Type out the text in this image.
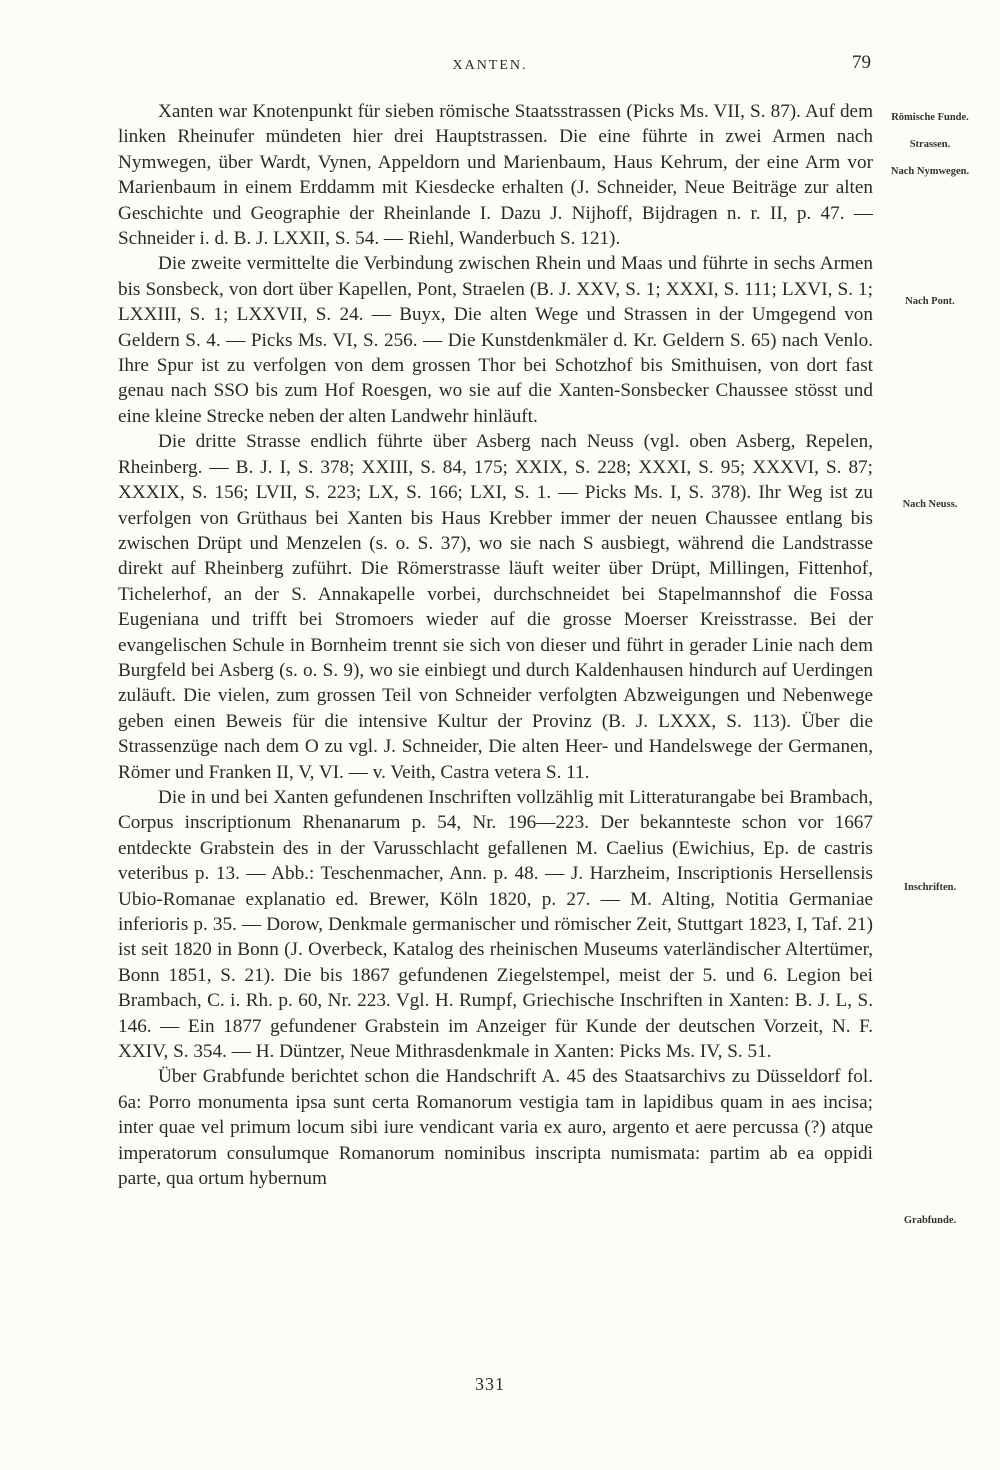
XANTEN.	79
Römische Funde.
Strassen.
Nach Nymwegen.
Nach Pont.
Nach Neuss.
Inschriften.
Grabfunde.

Xanten war Knotenpunkt für sieben römische Staatsstrassen (Picks Ms. VII, S. 87). Auf dem linken Rheinufer mündeten hier drei Hauptstrassen. Die eine führte in zwei Armen nach Nymwegen, über Wardt, Vynen, Appeldorn und Marienbaum, Haus Kehrum, der eine Arm vor Marienbaum in einem Erddamm mit Kiesdecke erhalten (J. Schneider, Neue Beiträge zur alten Geschichte und Geographie der Rheinlande I. Dazu J. Nijhoff, Bijdragen n. r. II, p. 47. — Schneider i. d. B. J. LXXII, S. 54. — Riehl, Wanderbuch S. 121).

Die zweite vermittelte die Verbindung zwischen Rhein und Maas und führte in sechs Armen bis Sonsbeck, von dort über Kapellen, Pont, Straelen (B. J. XXV, S. 1; XXXI, S. 111; LXVI, S. 1; LXXIII, S. 1; LXXVII, S. 24. — Buyx, Die alten Wege und Strassen in der Umgegend von Geldern S. 4. — Picks Ms. VI, S. 256. — Die Kunstdenkmäler d. Kr. Geldern S. 65) nach Venlo. Ihre Spur ist zu verfolgen von dem grossen Thor bei Schotzhof bis Smithuisen, von dort fast genau nach SSO bis zum Hof Roesgen, wo sie auf die Xanten-Sonsbecker Chaussee stösst und eine kleine Strecke neben der alten Landwehr hinläuft.

Die dritte Strasse endlich führte über Asberg nach Neuss (vgl. oben Asberg, Repelen, Rheinberg. — B. J. I, S. 378; XXIII, S. 84, 175; XXIX, S. 228; XXXI, S. 95; XXXVI, S. 87; XXXIX, S. 156; LVII, S. 223; LX, S. 166; LXI, S. 1. — Picks Ms. I, S. 378). Ihr Weg ist zu verfolgen von Grüthaus bei Xanten bis Haus Krebber immer der neuen Chaussee entlang bis zwischen Drüpt und Menzelen (s. o. S. 37), wo sie nach S ausbiegt, während die Landstrasse direkt auf Rheinberg zuführt. Die Römerstrasse läuft weiter über Drüpt, Millingen, Fittenhof, Tichelerhof, an der S. Annakapelle vorbei, durchschneidet bei Stapelmannshof die Fossa Eugeniana und trifft bei Stromoers wieder auf die grosse Moerser Kreisstrasse. Bei der evangelischen Schule in Bornheim trennt sie sich von dieser und führt in gerader Linie nach dem Burgfeld bei Asberg (s. o. S. 9), wo sie einbiegt und durch Kaldenhausen hindurch auf Uerdingen zuläuft. Die vielen, zum grossen Teil von Schneider verfolgten Abzweigungen und Nebenwege geben einen Beweis für die intensive Kultur der Provinz (B. J. LXXX, S. 113). Über die Strassenzüge nach dem O zu vgl. J. Schneider, Die alten Heer- und Handelswege der Germanen, Römer und Franken II, V, VI. — v. Veith, Castra vetera S. 11.

Die in und bei Xanten gefundenen Inschriften vollzählig mit Litteraturangabe bei Brambach, Corpus inscriptionum Rhenanarum p. 54, Nr. 196—223. Der bekannteste schon vor 1667 entdeckte Grabstein des in der Varusschlacht gefallenen M. Caelius (Ewichius, Ep. de castris veteribus p. 13. — Abb.: Teschenmacher, Ann. p. 48. — J. Harzheim, Inscriptionis Hersellensis Ubio-Romanae explanatio ed. Brewer, Köln 1820, p. 27. — M. Alting, Notitia Germaniae inferioris p. 35. — Dorow, Denkmale germanischer und römischer Zeit, Stuttgart 1823, I, Taf. 21) ist seit 1820 in Bonn (J. Overbeck, Katalog des rheinischen Museums vaterländischer Altertümer, Bonn 1851, S. 21). Die bis 1867 gefundenen Ziegelstempel, meist der 5. und 6. Legion bei Brambach, C. i. Rh. p. 60, Nr. 223. Vgl. H. Rumpf, Griechische Inschriften in Xanten: B. J. L, S. 146. — Ein 1877 gefundener Grabstein im Anzeiger für Kunde der deutschen Vorzeit, N. F. XXIV, S. 354. — H. Düntzer, Neue Mithrasdenkmale in Xanten: Picks Ms. IV, S. 51.

Über Grabfunde berichtet schon die Handschrift A. 45 des Staatsarchivs zu Düsseldorf fol. 6a: Porro monumenta ipsa sunt certa Romanorum vestigia tam in lapidibus quam in aes incisa; inter quae vel primum locum sibi iure vendicant varia ex auro, argento et aere percussa (?) atque imperatorum consulumque Romanorum nominibus inscripta numismata: partim ab ea oppidi parte, qua ortum hybernum

331
